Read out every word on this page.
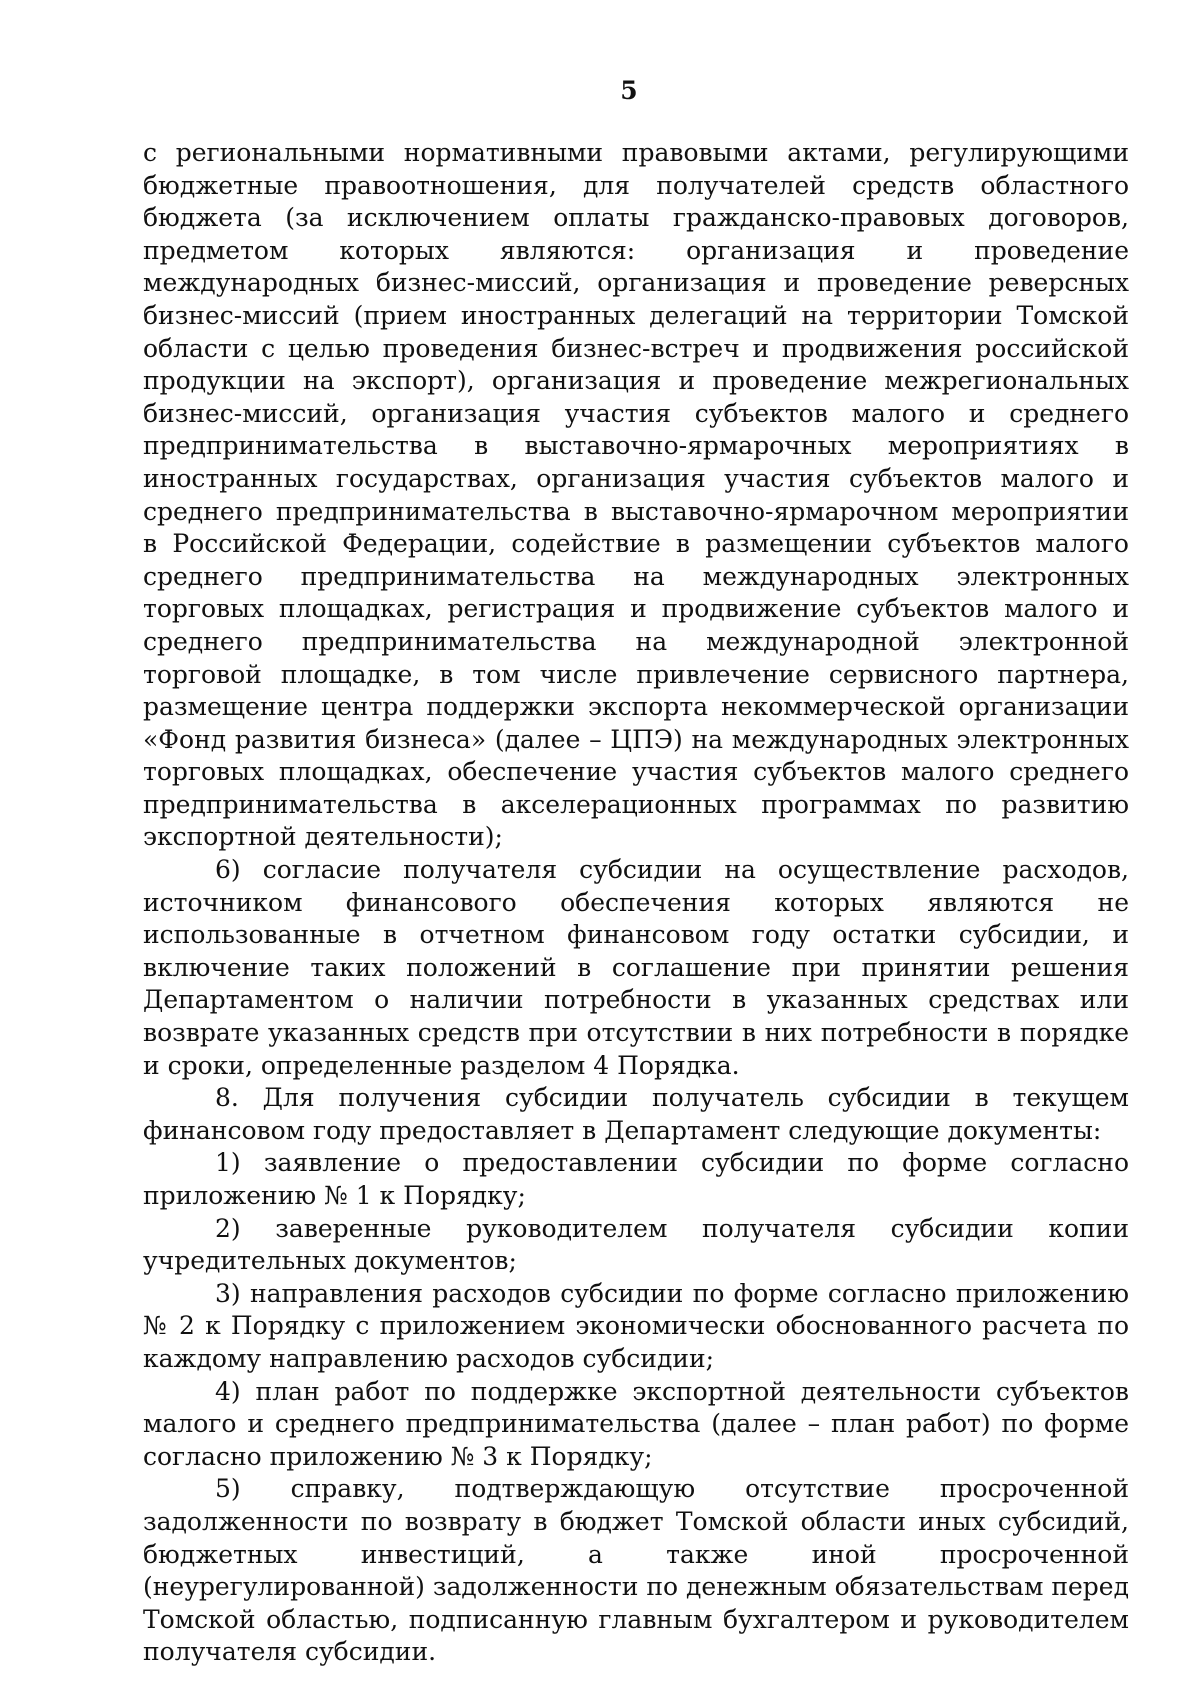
5

с региональными нормативными правовыми актами, регулирующими бюджетные правоотношения, для получателей средств областного бюджета (за исключением оплаты гражданско-правовых договоров, предметом которых являются: организация и проведение международных бизнес-миссий, организация и проведение реверсных бизнес-миссий (прием иностранных делегаций на территории Томской области с целью проведения бизнес-встреч и продвижения российской продукции на экспорт), организация и проведение межрегиональных бизнес-миссий, организация участия субъектов малого и среднего предпринимательства в выставочно-ярмарочных мероприятиях в иностранных государствах, организация участия субъектов малого и среднего предпринимательства в выставочно-ярмарочном мероприятии в Российской Федерации, содействие в размещении субъектов малого среднего предпринимательства на международных электронных торговых площадках, регистрация и продвижение субъектов малого и среднего предпринимательства на международной электронной торговой площадке, в том числе привлечение сервисного партнера, размещение центра поддержки экспорта некоммерческой организации «Фонд развития бизнеса» (далее – ЦПЭ) на международных электронных торговых площадках, обеспечение участия субъектов малого среднего предпринимательства в акселерационных программах по развитию экспортной деятельности);

6) согласие получателя субсидии на осуществление расходов, источником финансового обеспечения которых являются не использованные в отчетном финансовом году остатки субсидии, и включение таких положений в соглашение при принятии решения Департаментом о наличии потребности в указанных средствах или возврате указанных средств при отсутствии в них потребности в порядке и сроки, определенные разделом 4 Порядка.

8. Для получения субсидии получатель субсидии в текущем финансовом году предоставляет в Департамент следующие документы:

1) заявление о предоставлении субсидии по форме согласно приложению № 1 к Порядку;

2) заверенные руководителем получателя субсидии копии учредительных документов;

3) направления расходов субсидии по форме согласно приложению № 2 к Порядку с приложением экономически обоснованного расчета по каждому направлению расходов субсидии;

4) план работ по поддержке экспортной деятельности субъектов малого и среднего предпринимательства (далее – план работ) по форме согласно приложению № 3 к Порядку;

5) справку, подтверждающую отсутствие просроченной задолженности по возврату в бюджет Томской области иных субсидий, бюджетных инвестиций, а также иной просроченной (неурегулированной) задолженности по денежным обязательствам перед Томской областью, подписанную главным бухгалтером и руководителем получателя субсидии.
